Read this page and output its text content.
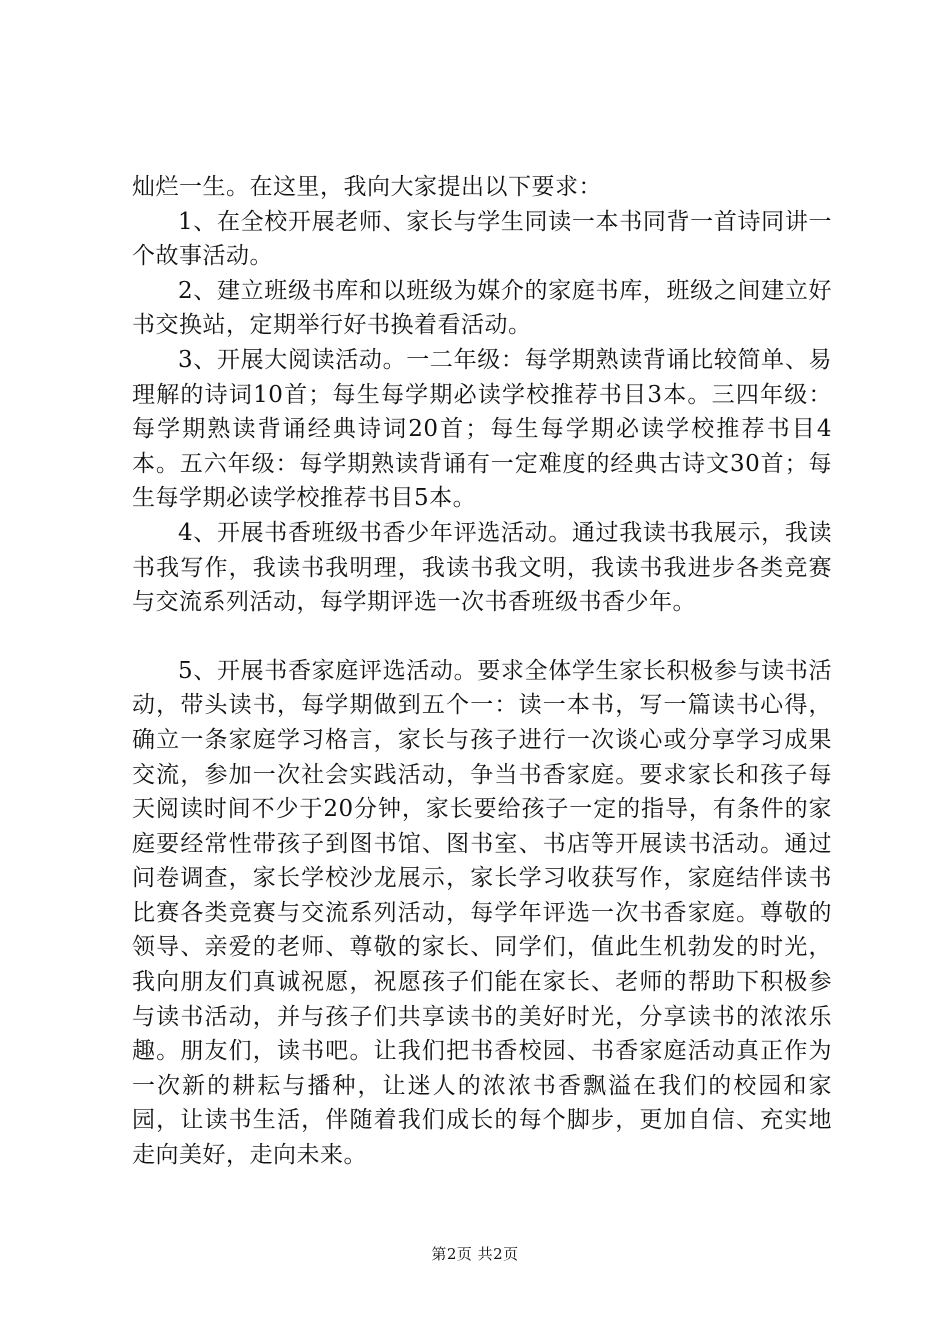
灿烂一生。在这里，我向大家提出以下要求：

1、在全校开展老师、家长与学生同读一本书同背一首诗同讲一个故事活动。

2、建立班级书库和以班级为媒介的家庭书库，班级之间建立好书交换站，定期举行好书换着看活动。

3、开展大阅读活动。一二年级：每学期熟读背诵比较简单、易理解的诗词10首；每生每学期必读学校推荐书目3本。三四年级：每学期熟读背诵经典诗词20首；每生每学期必读学校推荐书目4本。五六年级：每学期熟读背诵有一定难度的经典古诗文30首；每生每学期必读学校推荐书目5本。

4、开展书香班级书香少年评选活动。通过我读书我展示，我读书我写作，我读书我明理，我读书我文明，我读书我进步各类竞赛与交流系列活动，每学期评选一次书香班级书香少年。

5、开展书香家庭评选活动。要求全体学生家长积极参与读书活动，带头读书，每学期做到五个一：读一本书，写一篇读书心得，确立一条家庭学习格言，家长与孩子进行一次谈心或分享学习成果交流，参加一次社会实践活动，争当书香家庭。要求家长和孩子每天阅读时间不少于20分钟，家长要给孩子一定的指导，有条件的家庭要经常性带孩子到图书馆、图书室、书店等开展读书活动。通过问卷调查，家长学校沙龙展示，家长学习收获写作，家庭结伴读书比赛各类竞赛与交流系列活动，每学年评选一次书香家庭。尊敬的领导、亲爱的老师、尊敬的家长、同学们，值此生机勃发的时光，我向朋友们真诚祝愿，祝愿孩子们能在家长、老师的帮助下积极参与读书活动，并与孩子们共享读书的美好时光，分享读书的浓浓乐趣。朋友们，读书吧。让我们把书香校园、书香家庭活动真正作为一次新的耕耘与播种，让迷人的浓浓书香飘溢在我们的校园和家园，让读书生活，伴随着我们成长的每个脚步，更加自信、充实地走向美好，走向未来。

第2页 共2页
